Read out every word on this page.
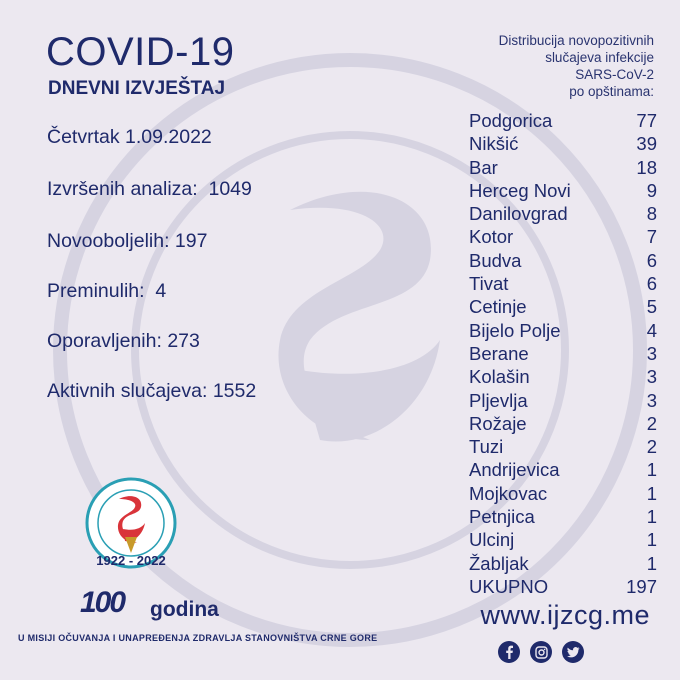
COVID-19
DNEVNI IZVJEŠTAJ
Četvrtak 1.09.2022
Izvršenih analiza:  1049
Novooboljelih: 197
Preminulih:  4
Oporavljenih: 273
Aktivnih slučajeva: 1552
Distribucija novopozitivnih
slučajeva infekcije
SARS-CoV-2
po opštinama:
Podgorica	77
Nikšić	39
Bar	18
Herceg Novi	9
Danilovgrad	8
Kotor	7
Budva	6
Tivat	6
Cetinje	5
Bijelo Polje	4
Berane	3
Kolašin	3
Pljevlja	3
Rožaje	2
Tuzi	2
Andrijevica	1
Mojkovac	1
Petnjica	1
Ulcinj	1
Žabljak	1
UKUPNO	197
1922 - 2022
100 godina
U MISIJI OČUVANJA I UNAPREĐENJA ZDRAVLJA STANOVNIŠTVA CRNE GORE
www.ijzcg.me
